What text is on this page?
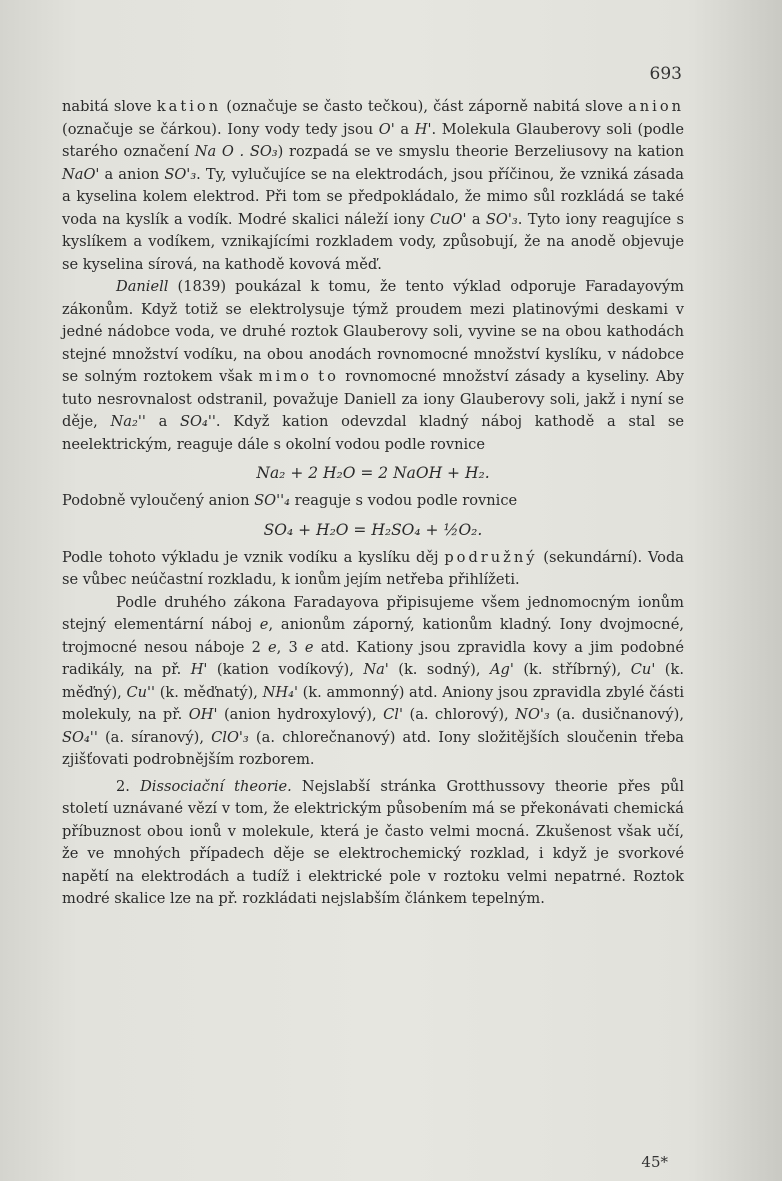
693

nabitá slove kation (označuje se často tečkou), část záporně nabitá slove anion (označuje se čárkou). Iony vody tedy jsou O' a H'. Molekula Glauberovy soli (podle starého označení Na O . SO₃) rozpadá se ve smyslu theorie Berzeliusovy na kation NaO' a anion SO'₃. Ty, vylučujíce se na elektrodách, jsou příčinou, že vzniká zásada a kyselina kolem elektrod. Při tom se předpokládalo, že mimo sůl rozkládá se také voda na kyslík a vodík. Modré skalici náleží iony CuO' a SO'₃. Tyto iony reagujíce s kyslíkem a vodíkem, vznikajícími rozkladem vody, způsobují, že na anodě objevuje se kyselina sírová, na kathodě kovová měď.

Daniell (1839) poukázal k tomu, že tento výklad odporuje Faradayovým zákonům. Když totiž se elektrolysuje týmž proudem mezi platinovými deskami v jedné nádobce voda, ve druhé roztok Glauberovy soli, vyvine se na obou kathodách stejné množství vodíku, na obou anodách rovnomocné množství kyslíku, v nádobce se solným roztokem však mimo to rovnomocné množství zásady a kyseliny. Aby tuto nesrovnalost odstranil, považuje Daniell za iony Glauberovy soli, jakž i nyní se děje, Na₂'' a SO₄''. Když kation odevzdal kladný náboj kathodě a stal se neelektrickým, reaguje dále s okolní vodou podle rovnice

Na₂ + 2 H₂O = 2 NaOH + H₂.

Podobně vyloučený anion SO''₄ reaguje s vodou podle rovnice

SO₄ + H₂O = H₂SO₄ + ½O₂.

Podle tohoto výkladu je vznik vodíku a kyslíku děj podružný (sekundární). Voda se vůbec neúčastní rozkladu, k ionům jejím netřeba přihlížeti.

Podle druhého zákona Faradayova připisujeme všem jednomocným ionům stejný elementární náboj e, anionům záporný, kationům kladný. Iony dvojmocné, trojmocné nesou náboje 2 e, 3 e atd. Kationy jsou zpravidla kovy a jim podobné radikály, na př. H' (kation vodíkový), Na' (k. sodný), Ag' (k. stříbrný), Cu' (k. měďný), Cu'' (k. měďnatý), NH₄' (k. ammonný) atd. Aniony jsou zpravidla zbylé části molekuly, na př. OH' (anion hydroxylový), Cl' (a. chlorový), NO'₃ (a. dusičnanový), SO₄'' (a. síranový), ClO'₃ (a. chlorečnanový) atd. Iony složitějších sloučenin třeba zjišťovati podrobnějším rozborem.

2. Dissociační theorie. Nejslabší stránka Grotthussovy theorie přes půl století uznávané vězí v tom, že elektrickým působením má se překonávati chemická příbuznost obou ionů v molekule, která je často velmi mocná. Zkušenost však učí, že ve mnohých případech děje se elektrochemický rozklad, i když je svorkové napětí na elektrodách a tudíž i elektrické pole v roztoku velmi nepatrné. Roztok modré skalice lze na př. rozkládati nejslabším článkem tepelným.

45*
